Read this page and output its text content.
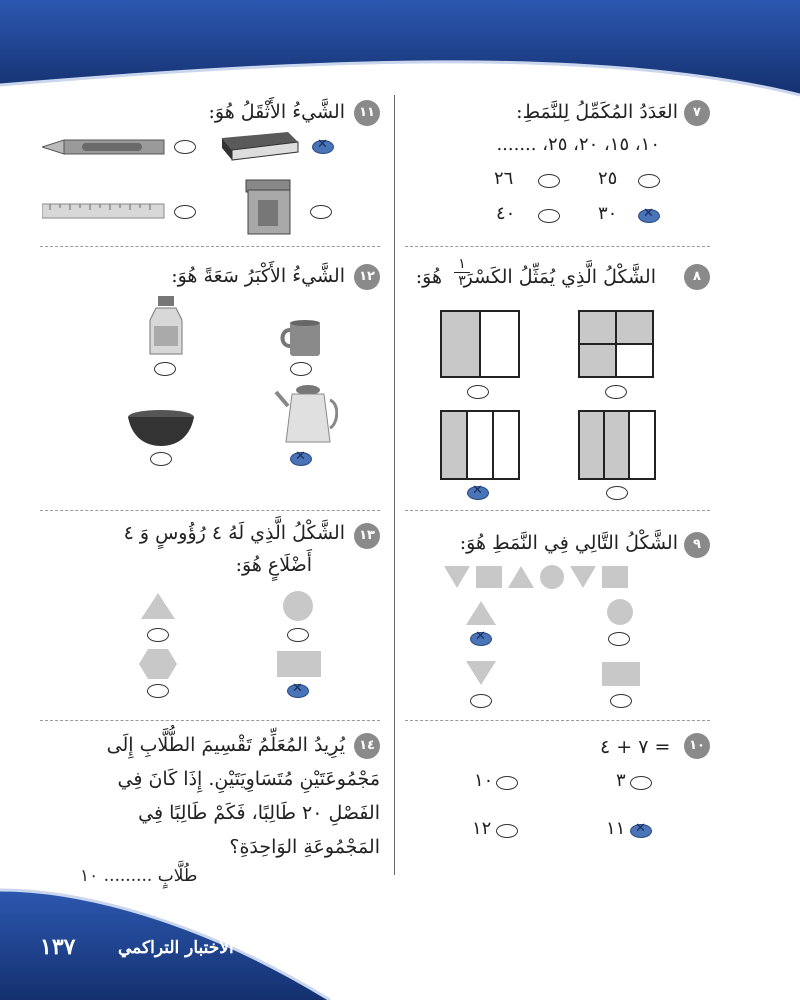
٧
العَدَدُ المُكَمِّلُ لِلنَّمَطِ:
١٠، ١٥، ٢٠، ٢٥، .......
٢٥
٢٦
٣٠
✕
٤٠
١١
الشَّيءُ الأَثْقَلُ هُوَ:
✕
٨
الشَّكْلُ الَّذِي يُمَثِّلُ الكَسْرَ
١
٣
هُوَ:
✕
١٢
الشَّيءُ الأَكْبَرُ سَعَةً هُوَ:
✕
٩
الشَّكْلُ التَّالِي فِي النَّمَطِ هُوَ:
✕
١٣
الشَّكْلُ الَّذِي لَهُ ٤ رُؤُوسٍ وَ ٤
أَضْلَاعٍ هُوَ:
✕
١٠
٧ + ٤ =
٣
١٠
١١
✕
١٢
١٤
يُرِيدُ المُعَلِّمُ تَقْسِيمَ الطُّلَّابِ إِلَى
مَجْمُوعَتَيْنِ مُتَسَاوِيَتَيْنِ. إِذَا كَانَ فِي
الفَصْلِ ٢٠ طَالِبًا، فَكَمْ طَالِبًا فِي
المَجْمُوعَةِ الوَاحِدَةِ؟
طُلَّابٍ ......... ١٠
الاختبار التراكمي
١٣٧
